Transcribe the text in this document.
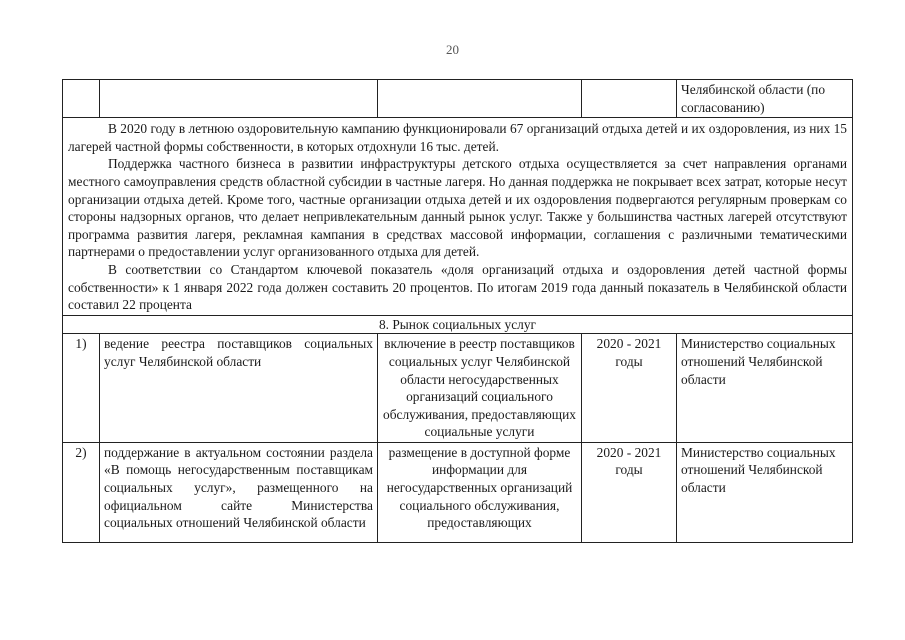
20
				Челябинской области (по согласованию)

В 2020 году в летнюю оздоровительную кампанию функционировали 67 организаций отдыха детей и их оздоровления, из них 15 лагерей частной формы собственности, в которых отдохнули 16 тыс. детей.

Поддержка частного бизнеса в развитии инфраструктуры детского отдыха осуществляется за счет направления органами местного самоуправления средств областной субсидии в частные лагеря. Но данная поддержка не покрывает всех затрат, которые несут организации отдыха детей. Кроме того, частные организации отдыха детей и их оздоровления подвергаются регулярным проверкам со стороны надзорных органов, что делает непривлекательным данный рынок услуг. Также у большинства частных лагерей отсутствуют программа развития лагеря, рекламная кампания в средствах массовой информации, соглашения с различными тематическими партнерами о предоставлении услуг организованного отдыха для детей.

В соответствии со Стандартом ключевой показатель «доля организаций отдыха и оздоровления детей частной формы собственности» к 1 января 2022 года должен составить 20 процентов. По итогам 2019 года данный показатель в Челябинской области составил 22 процента				

8. Рынок социальных услуг				
1)	ведение реестра поставщиков социальных услуг Челябинской области	включение в реестр поставщиков социальных услуг Челябинской области негосударственных организаций социального обслуживания, предоставляющих социальные услуги	2020 - 2021 годы	Министерство социальных отношений Челябинской области
2)	поддержание в актуальном состоянии раздела «В помощь негосударственным поставщикам социальных услуг», размещенного на официальном сайте Министерства социальных отношений Челябинской области	размещение в доступной форме информации для негосударственных организаций социального обслуживания, предоставляющих	2020 - 2021 годы	Министерство социальных отношений Челябинской области
